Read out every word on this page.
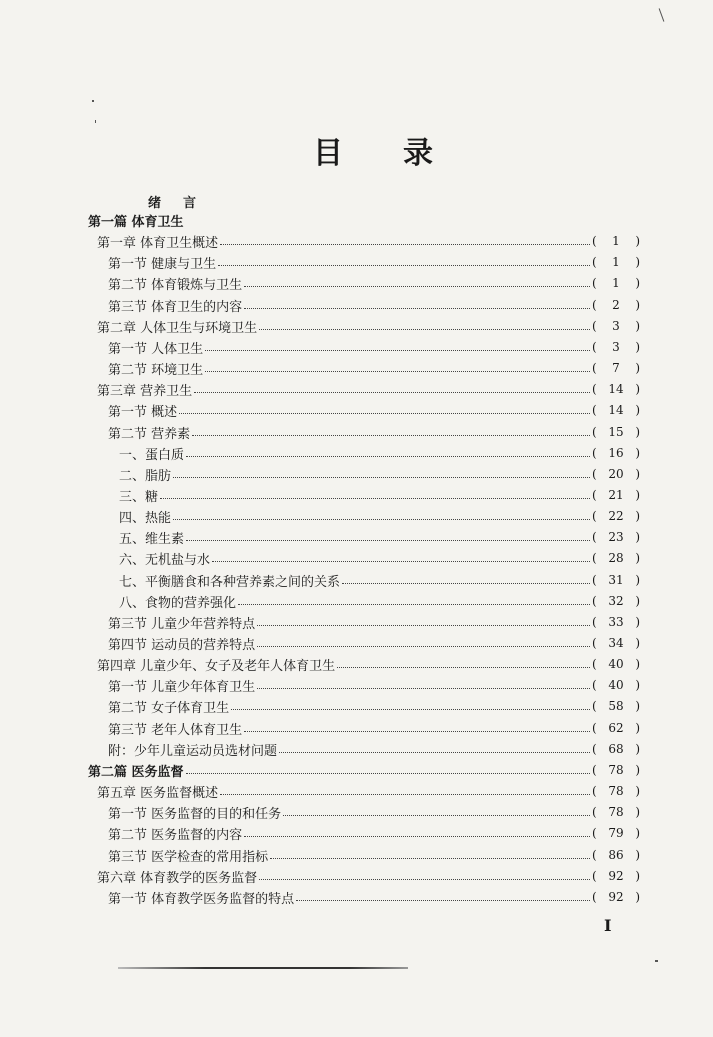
目 录
绪言
第一篇 体育卫生
第一章 体育卫生概述	(	1	)
第一节 健康与卫生	(	1	)
第二节 体育锻炼与卫生	(	1	)
第三节 体育卫生的内容	(	2	)
第二章 人体卫生与环境卫生	(	3	)
第一节 人体卫生	(	3	)
第二节 环境卫生	(	7	)
第三章 营养卫生	( 14 )
第一节 概述	( 14 )
第二节 营养素	( 15 )
一、蛋白质	( 16 )
二、脂肪	( 20 )
三、糖	( 21 )
四、热能	( 22 )
五、维生素	( 23 )
六、无机盐与水	( 28 )
七、平衡膳食和各种营养素之间的关系	( 31 )
八、食物的营养强化	( 32 )
第三节 儿童少年营养特点	( 33 )
第四节 运动员的营养特点	( 34 )
第四章 儿童少年、女子及老年人体育卫生	( 40 )
第一节 儿童少年体育卫生	( 40 )
第二节 女子体育卫生	( 58 )
第三节 老年人体育卫生	( 62 )
附：少年儿童运动员选材问题	( 68 )
第二篇 医务监督	( 78 )
第五章 医务监督概述	( 78 )
第一节 医务监督的目的和任务	( 78 )
第二节 医务监督的内容	( 79 )
第三节 医学检查的常用指标	( 86 )
第六章 体育教学的医务监督	( 92 )
第一节 体育教学医务监督的特点	( 92 )
I
